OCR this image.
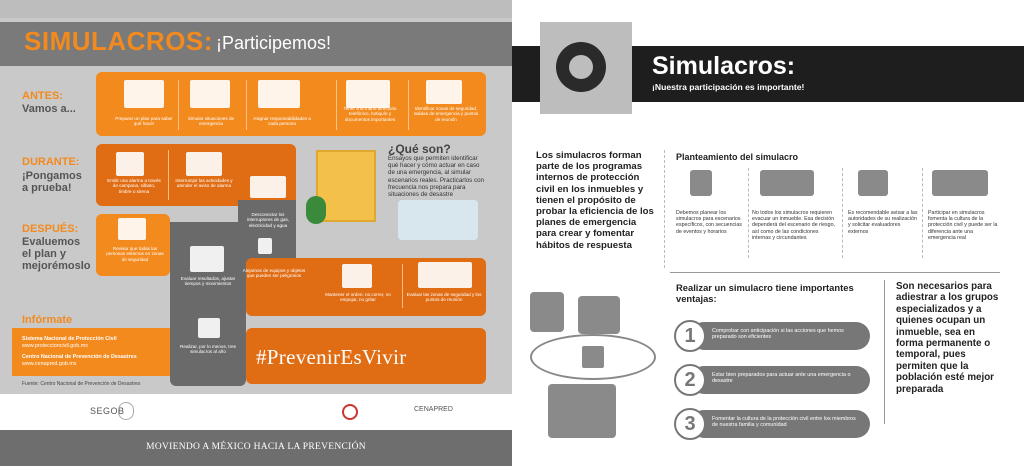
SIMULACROS: ¡Participemos!
ANTES:
Vamos a...
Preparar un plan para saber qué hacer
Simular situaciones de emergencia
Asignar responsabilidades a cada persona
Tener a la mano directorio telefónico, botiquín y documentos importantes
Identificar zonas de seguridad, salidas de emergencia y puntos de reunión
DURANTE:
¡Pongamos
a prueba!
Emitir una alarma a través de campana, silbato, timbre o sirena
Interrumpir las actividades y atender el aviso de alarma
Desconectar los interruptores de gas, electricidad y agua
¿Qué son?
Ensayos que permiten identificar qué hacer y cómo actuar en caso de una emergencia, al simular escenarios reales. Practicarlos con frecuencia nos prepara para situaciones de desastre
DESPUÉS:
Evaluemos
el plan y
mejorémoslo
Revisar que todas las personas estemos en zonas de seguridad
Evaluar resultados, ajustar tiempos y movimientos
Alejarnos de equipos y objetos que pueden ser peligrosos
Mantener el orden: no correr, no empujar, no gritar
Evaluar las zonas de seguridad y los puntos de reunión
Realizar, por lo menos, tres simulacros al año
Infórmate
Sistema Nacional de Protección Civil
www.proteccioncivil.gob.mx
Centro Nacional de Prevención de Desastres
www.cenapred.gob.mx	#PrevenirEsVivir
Fuente: Centro Nacional de Prevención de Desastres
SEGOB	CENAPRED
MOVIENDO A MÉXICO HACIA LA PREVENCIÓN
Simulacros:
¡Nuestra participación es importante!
Los simulacros forman parte de los programas internos de protección civil en los inmuebles y tienen el propósito de probar la eficiencia de los planes de emergencia para crear y fomentar hábitos de respuesta
Planteamiento del simulacro
Debemos planear los simulacros para escenarios específicos, con secuencias de eventos y horarios
No todos los simulacros requieren evacuar un inmueble. Esa decisión dependerá del escenario de riesgo, así como de las condiciones internas y circundantes
Es recomendable avisar a las autoridades de su realización y solicitar evaluadores externos
Participar en simulacros fomenta la cultura de la protección civil y puede ser la diferencia ante una emergencia real
Realizar un simulacro tiene importantes ventajas:
1	Comprobar con anticipación si las acciones que hemos preparado son eficientes
2	Estar bien preparados para actuar ante una emergencia o desastre
3	Fomentar la cultura de la protección civil entre los miembros de nuestra familia y comunidad
Son necesarios para adiestrar a los grupos especializados y a quienes ocupan un inmueble, sea en forma permanente o temporal, pues permiten que la población esté mejor preparada
